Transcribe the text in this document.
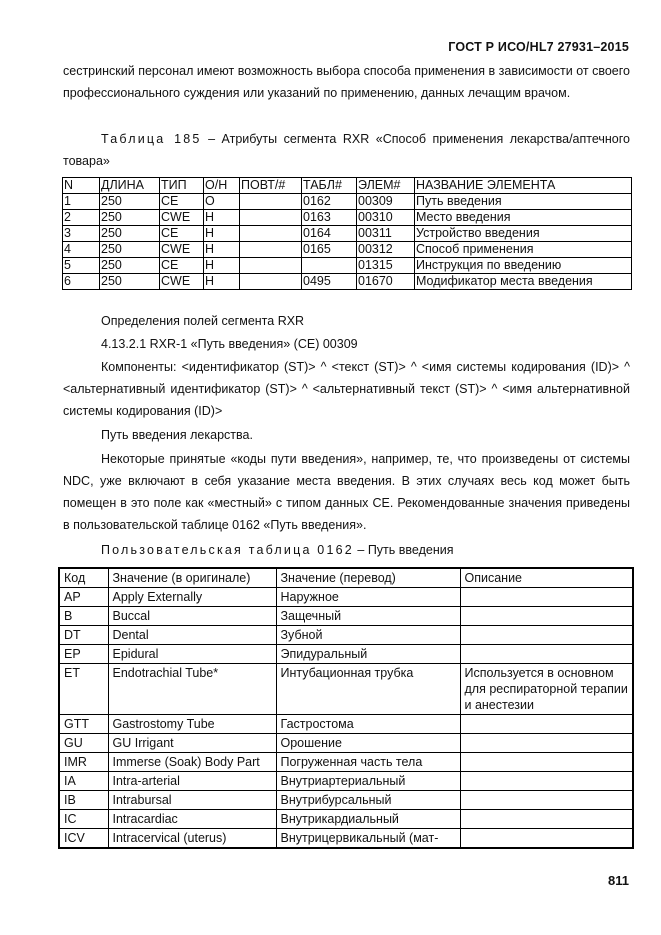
ГОСТ Р ИСО/HL7 27931–2015
сестринский персонал имеют возможность выбора способа применения в зависимости от своего профессионального суждения или указаний по применению, данных лечащим врачом.
Таблица 185 – Атрибуты сегмента RXR «Способ применения лекарства/аптечного товара»
N	ДЛИНА	ТИП	О/Н	ПОВТ/#	ТАБЛ#	ЭЛЕМ#	НАЗВАНИЕ ЭЛЕМЕНТА
1	250	CE	O		0162	00309	Путь введения
2	250	CWE	Н		0163	00310	Место введения
3	250	CE	Н		0164	00311	Устройство введения
4	250	CWE	Н		0165	00312	Способ применения
5	250	CE	Н			01315	Инструкция по введению
6	250	CWE	Н		0495	01670	Модификатор места введения
Определения полей сегмента RXR
4.13.2.1 RXR-1 «Путь введения» (CE) 00309
Компоненты: <идентификатор (ST)> ^ <текст (ST)> ^ <имя системы кодирования (ID)> ^ <альтернативный идентификатор (ST)> ^ <альтернативный текст (ST)> ^ <имя альтернативной системы кодирования (ID)>
Путь введения лекарства.
Некоторые принятые «коды пути введения», например, те, что произведены от системы NDC, уже включают в себя указание места введения. В этих случаях весь код может быть помещен в это поле как «местный» с типом данных CE. Рекомендованные значения приведены в пользовательской таблице 0162 «Путь введения».
Пользовательская таблица 0162 – Путь введения
Код	Значение (в оригинале)	Значение (перевод)	Описание
AP	Apply Externally	Наружное	
B	Buccal	Защечный	
DT	Dental	Зубной	
EP	Epidural	Эпидуральный	
ET	Endotrachial Tube*	Интубационная трубка	Используется в основном для респираторной терапии и анестезии
GTT	Gastrostomy Tube	Гастростома	
GU	GU Irrigant	Орошение	
IMR	Immerse (Soak) Body Part	Погруженная часть тела	
IA	Intra-arterial	Внутриартериальный	
IB	Intrabursal	Внутрибурсальный	
IC	Intracardiac	Внутрикардиальный	
ICV	Intracervical (uterus)	Внутрицервикальный (мат-	
811
